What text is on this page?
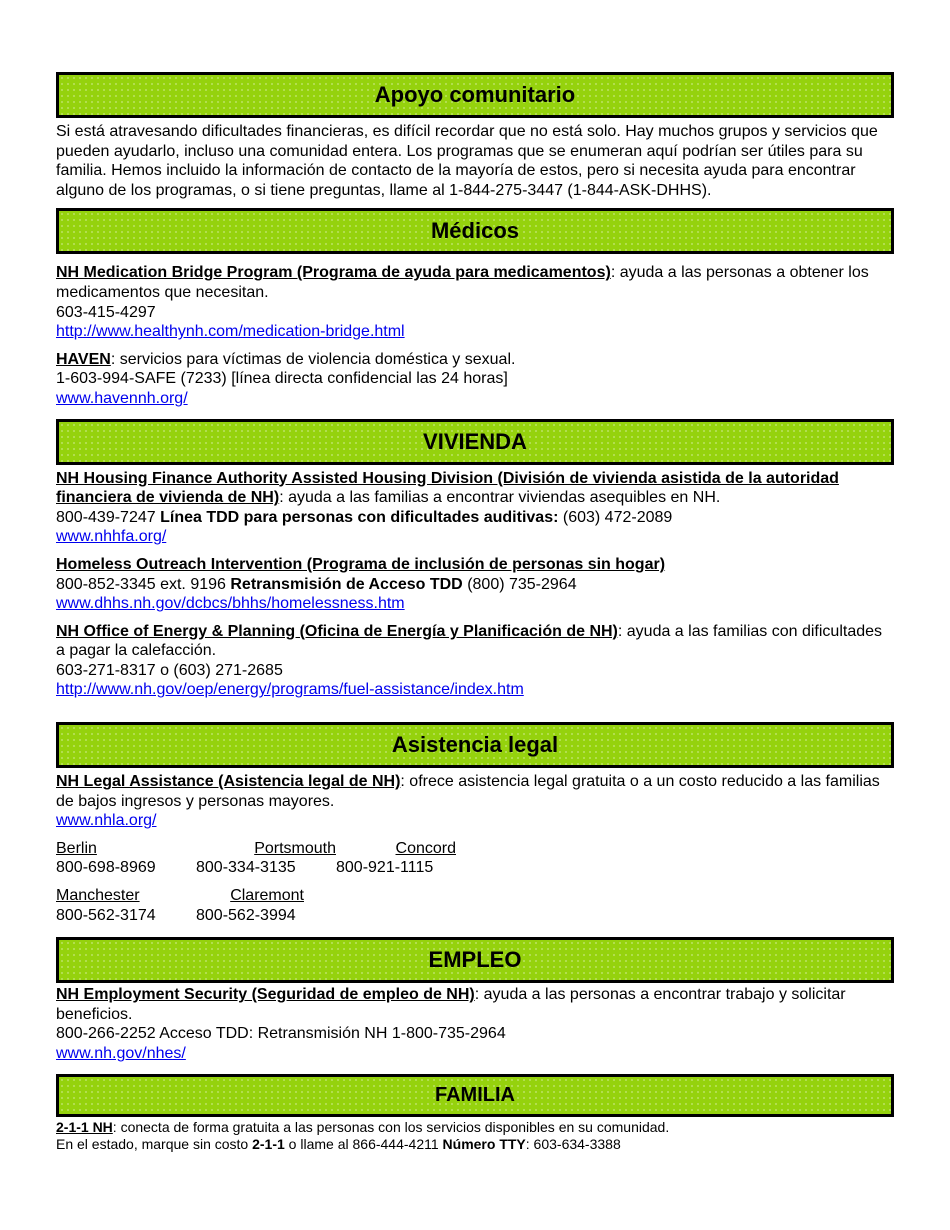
Apoyo comunitario

Si está atravesando dificultades financieras, es difícil recordar que no está solo. Hay muchos grupos y servicios que pueden ayudarlo, incluso una comunidad entera. Los programas que se enumeran aquí podrían ser útiles para su familia. Hemos incluido la información de contacto de la mayoría de estos, pero si necesita ayuda para encontrar alguno de los programas, o si tiene preguntas, llame al 1-844-275-3447 (1-844-ASK-DHHS).

Médicos

NH Medication Bridge Program (Programa de ayuda para medicamentos): ayuda a las personas a obtener los medicamentos que necesitan.

603-415-4297

http://www.healthynh.com/medication-bridge.html

HAVEN: servicios para víctimas de violencia doméstica y sexual.

1-603-994-SAFE (7233) [línea directa confidencial las 24 horas]

www.havennh.org/

VIVIENDA

NH Housing Finance Authority Assisted Housing Division (División de vivienda asistida de la autoridad financiera de vivienda de NH): ayuda a las familias a encontrar viviendas asequibles en NH.

800-439-7247 Línea TDD para personas con dificultades auditivas: (603) 472-2089

www.nhhfa.org/

Homeless Outreach Intervention (Programa de inclusión de personas sin hogar)

800-852-3345 ext. 9196 Retransmisión de Acceso TDD (800) 735-2964

www.dhhs.nh.gov/dcbcs/bhhs/homelessness.htm

NH Office of Energy & Planning (Oficina de Energía y Planificación de NH): ayuda a las familias con dificultades a pagar la calefacción.

603-271-8317 o (603) 271-2685

http://www.nh.gov/oep/energy/programs/fuel-assistance/index.htm

Asistencia legal

NH Legal Assistance (Asistencia legal de NH): ofrece asistencia legal gratuita o a un costo reducido a las familias de bajos ingresos y personas mayores.

www.nhla.org/

Berlin	Portsmouth	Concord
800-698-8969	800-334-3135	800-921-1115

Manchester	Claremont	
800-562-3174	800-562-3994	
EMPLEO

NH Employment Security (Seguridad de empleo de NH): ayuda a las personas a encontrar trabajo y solicitar beneficios.

800-266-2252 Acceso TDD: Retransmisión NH 1-800-735-2964

www.nh.gov/nhes/

FAMILIA

2-1-1 NH: conecta de forma gratuita a las personas con los servicios disponibles en su comunidad.

En el estado, marque sin costo 2-1-1 o llame al 866-444-4211 Número TTY: 603-634-3388
